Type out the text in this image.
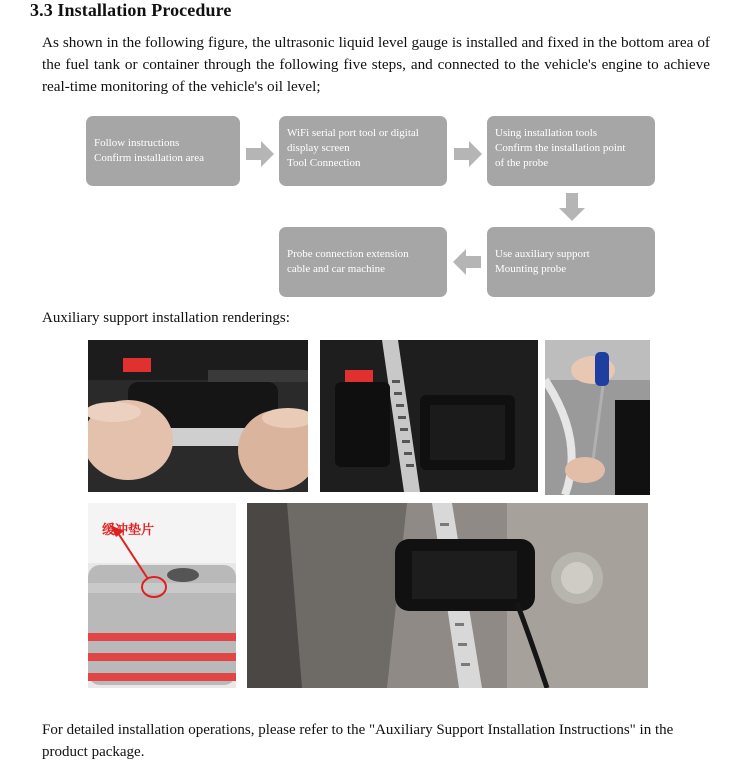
3.3 Installation Procedure
As shown in the following figure, the ultrasonic liquid level gauge is installed and fixed in the bottom area of the fuel tank or container through the following five steps, and connected to the vehicle's engine to achieve real-time monitoring of the vehicle's oil level;
Follow instructions
Confirm installation area
WiFi serial port tool or digital
display screen
Tool Connection
Using installation tools
Confirm the installation point
of the probe
Use auxiliary support
Mounting probe
Probe connection extension
cable and car machine
Auxiliary support installation renderings:
缓冲垫片
For detailed installation operations, please refer to the "Auxiliary Support Installation Instructions" in the product package.
